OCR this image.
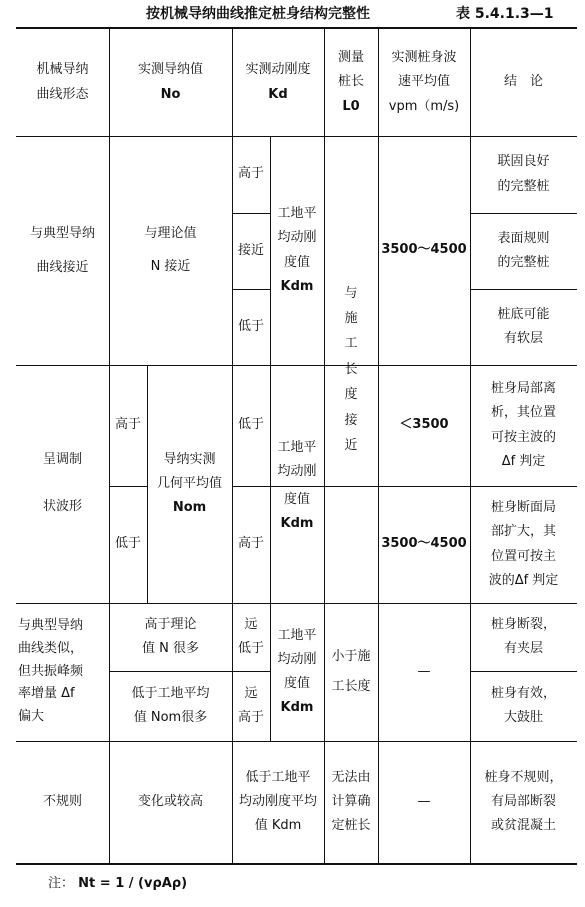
按机械导纳曲线推定桩身结构完整性	表 5.4.1.3—1
机械导纳
曲线形态
实测导纳值
No
实测动刚度
Kd
测量
桩长
L0
实测桩身波
速平均值
vpm（m/s)
结　论
与典型导纳
曲线接近
与理论值
N 接近
高于
接近
低于
工地平
均动刚
度值
Kdm 与
施
工
长
度
接
近
3500～4500
联固良好
的完整桩
表面规则
的完整桩
桩底可能
有软层
呈调制
状波形
高于
低于
导纳实测
几何平均值
Nom
低于
高于
工地平
均动刚
度值
Kdm
＜3500
3500～4500
桩身局部离
析，其位置
可按主波的
Δf 判定
桩身断面局
部扩大，其
位置可按主
波的Δf 判定
与典型导纳
曲线类似，
但共振峰频
率增量 Δf
偏大
高于理论
值 N 很多
低于工地平均
值 Nom很多
远
低于
远
高于
工地平
均动刚
度值
Kdm
小于施
工长度
—
桩身断裂，
有夹层
桩身有效，
大鼓肚
不规则	变化或较高
低于工地平
均动刚度平均
值 Kdm
无法由
计算确
定桩长
—
桩身不规则，
有局部断裂
或贫混凝土
注： Nt = 1 / (vρAρ)
